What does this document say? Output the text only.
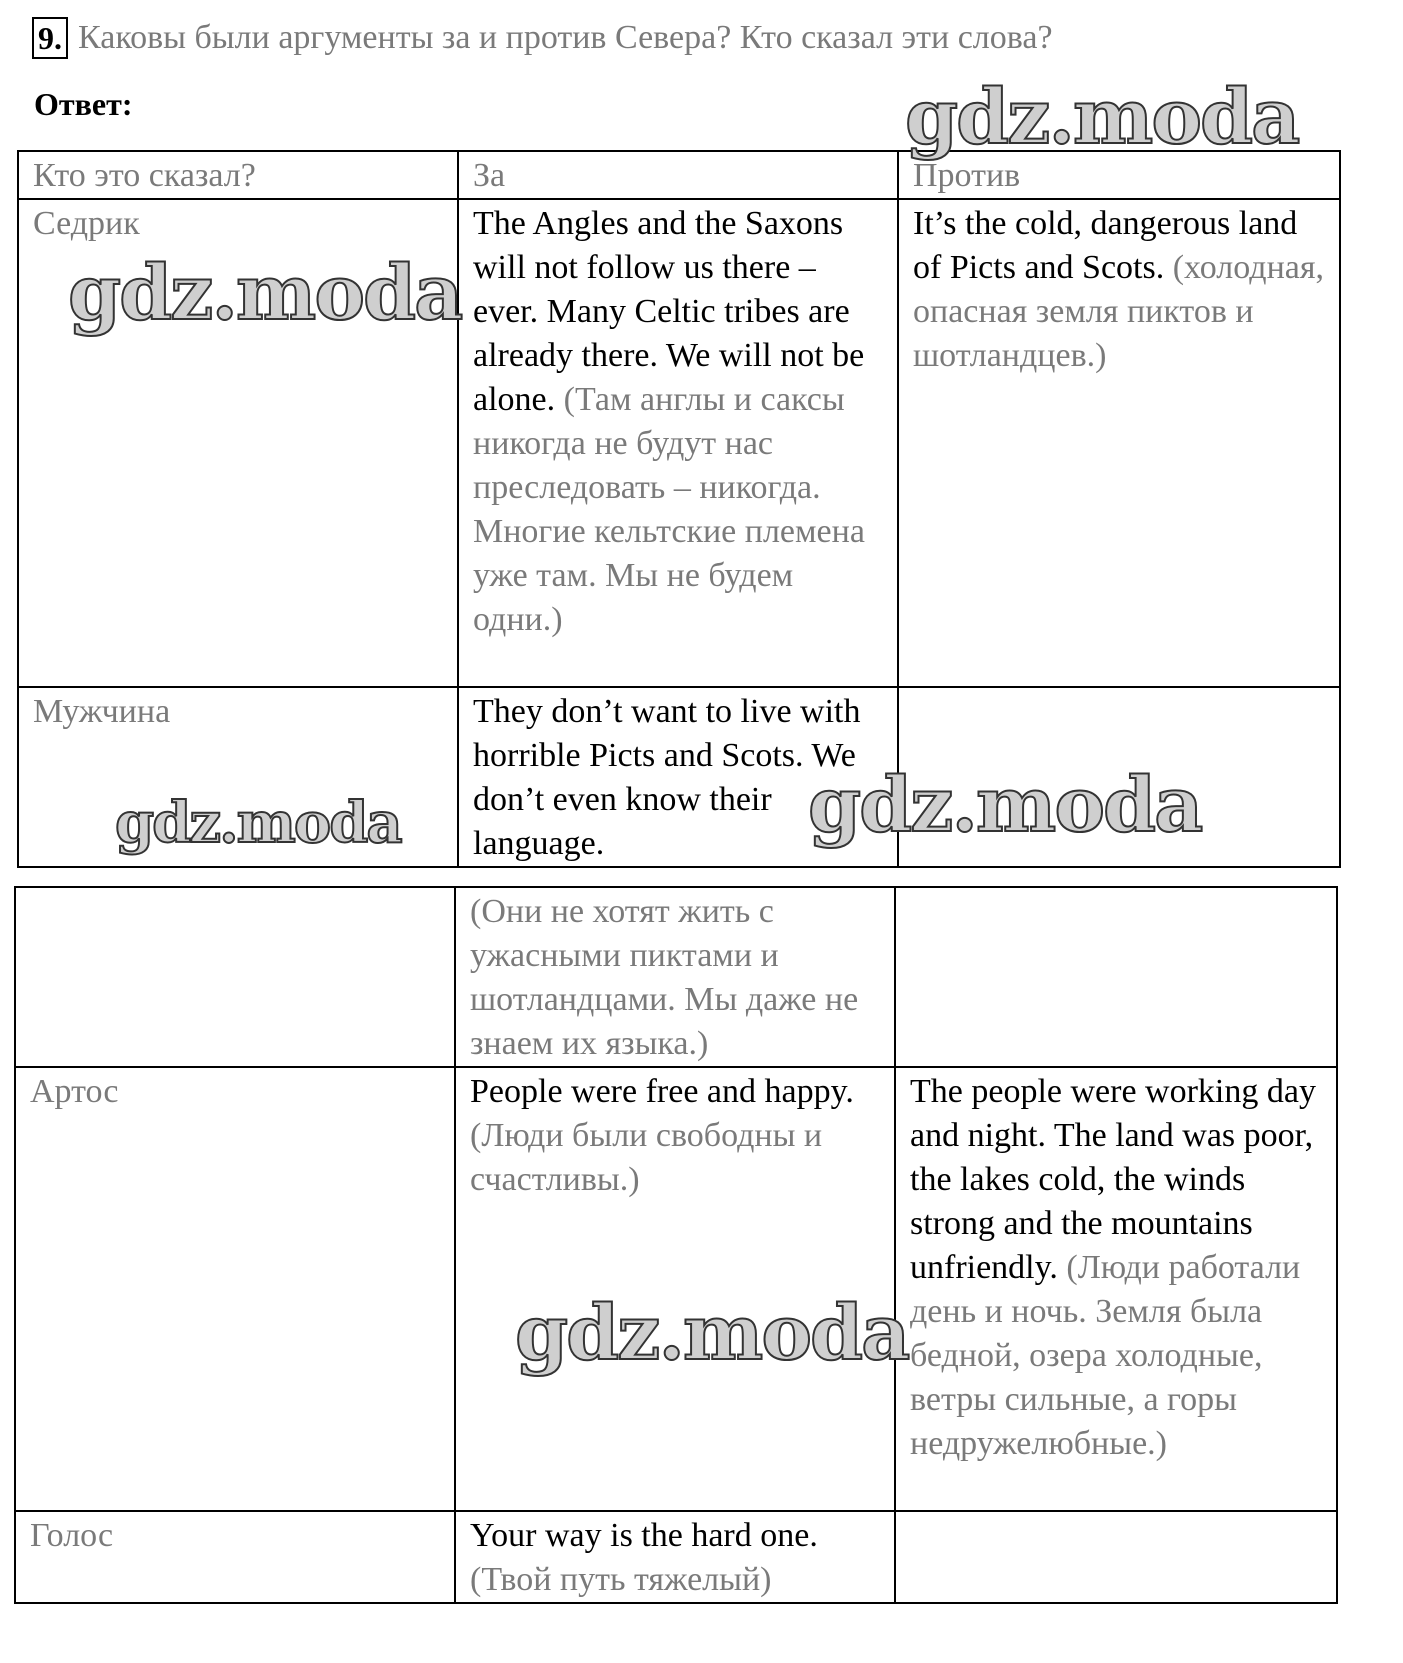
9. Каковы были аргументы за и против Севера? Кто сказал эти слова?
Ответ:
Кто это сказал?	За	Против
Седрик	The Angles and the Saxons will not follow us there – ever. Many Celtic tribes are already there. We will not be alone. (Там англы и саксы никогда не будут нас преследовать – никогда. Многие кельтские племена уже там. Мы не будем одни.)	It’s the cold, dangerous land of Picts and Scots. (холодная, опасная земля пиктов и шотландцев.)
Мужчина	They don’t want to live with horrible Picts and Scots. We don’t even know their language.	
	(Они не хотят жить с ужасными пиктами и шотландцами. Мы даже не знаем их языка.)	
Артос	People were free and happy. (Люди были свободны и счастливы.)	The people were working day and night. The land was poor, the lakes cold, the winds strong and the mountains unfriendly. (Люди работали день и ночь. Земля была бедной, озера холодные, ветры сильные, а горы недружелюбные.)
Голос	Your way is the hard one. (Твой путь тяжелый)	
gdz.moda
gdz.moda
gdz.moda	gdz.moda
gdz.moda
